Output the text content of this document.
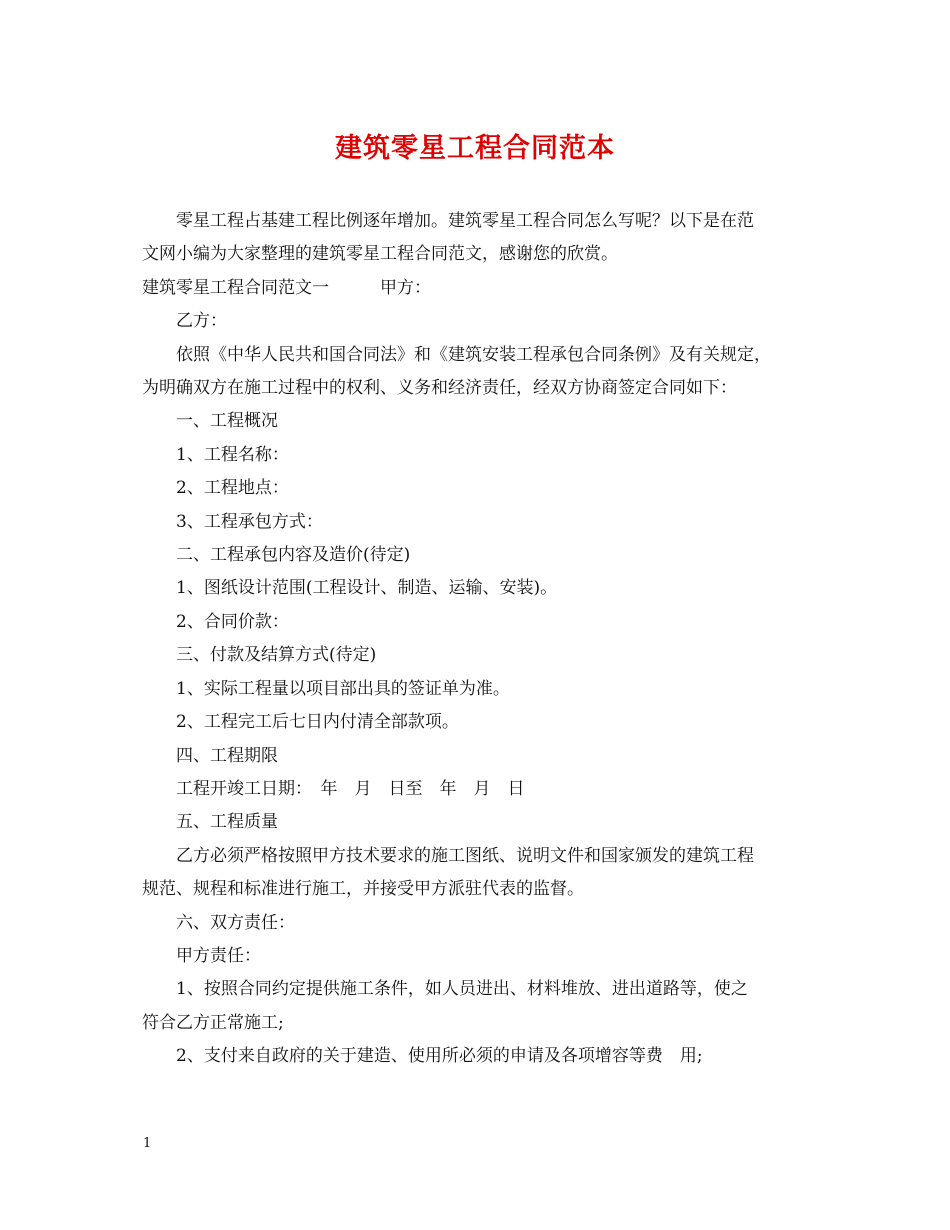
建筑零星工程合同范本

零星工程占基建工程比例逐年增加。建筑零星工程合同怎么写呢？以下是在范

文网小编为大家整理的建筑零星工程合同范文，感谢您的欣赏。

建筑零星工程合同范文一　　　甲方：

乙方：

依照《中华人民共和国合同法》和《建筑安装工程承包合同条例》及有关规定，

为明确双方在施工过程中的权利、义务和经济责任，经双方协商签定合同如下：

一、工程概况

1、工程名称：

2、工程地点：

3、工程承包方式：

二、工程承包内容及造价(待定)

1、图纸设计范围(工程设计、制造、运输、安装)。

2、合同价款：

三、付款及结算方式(待定)

1、实际工程量以项目部出具的签证单为准。

2、工程完工后七日内付清全部款项。

四、工程期限

工程开竣工日期：　年　月　日至　年　月　日

五、工程质量

乙方必须严格按照甲方技术要求的施工图纸、说明文件和国家颁发的建筑工程

规范、规程和标准进行施工，并接受甲方派驻代表的监督。

六、双方责任：

甲方责任：

1、按照合同约定提供施工条件，如人员进出、材料堆放、进出道路等，使之

符合乙方正常施工;

2、支付来自政府的关于建造、使用所必须的申请及各项增容等费　用;

1
